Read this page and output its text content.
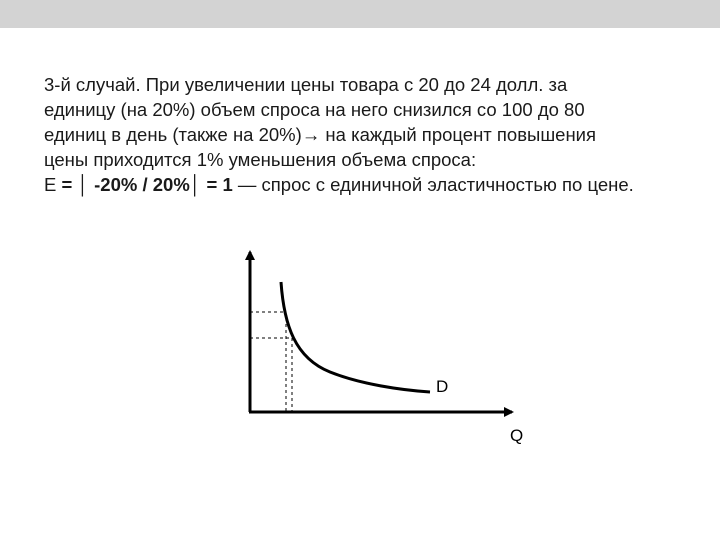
3-й случай. При увеличении цены товара с 20 до 24 долл. за

единицу (на 20%) объем спроса на него снизился со 100 до 80

единиц в день (также на 20%)→ на каждый процент повышения

цены приходится 1% уменьшения объема спроса:

E = │ -20% / 20%│ = 1 — спрос с единичной эластичностью по цене.

D
Q
